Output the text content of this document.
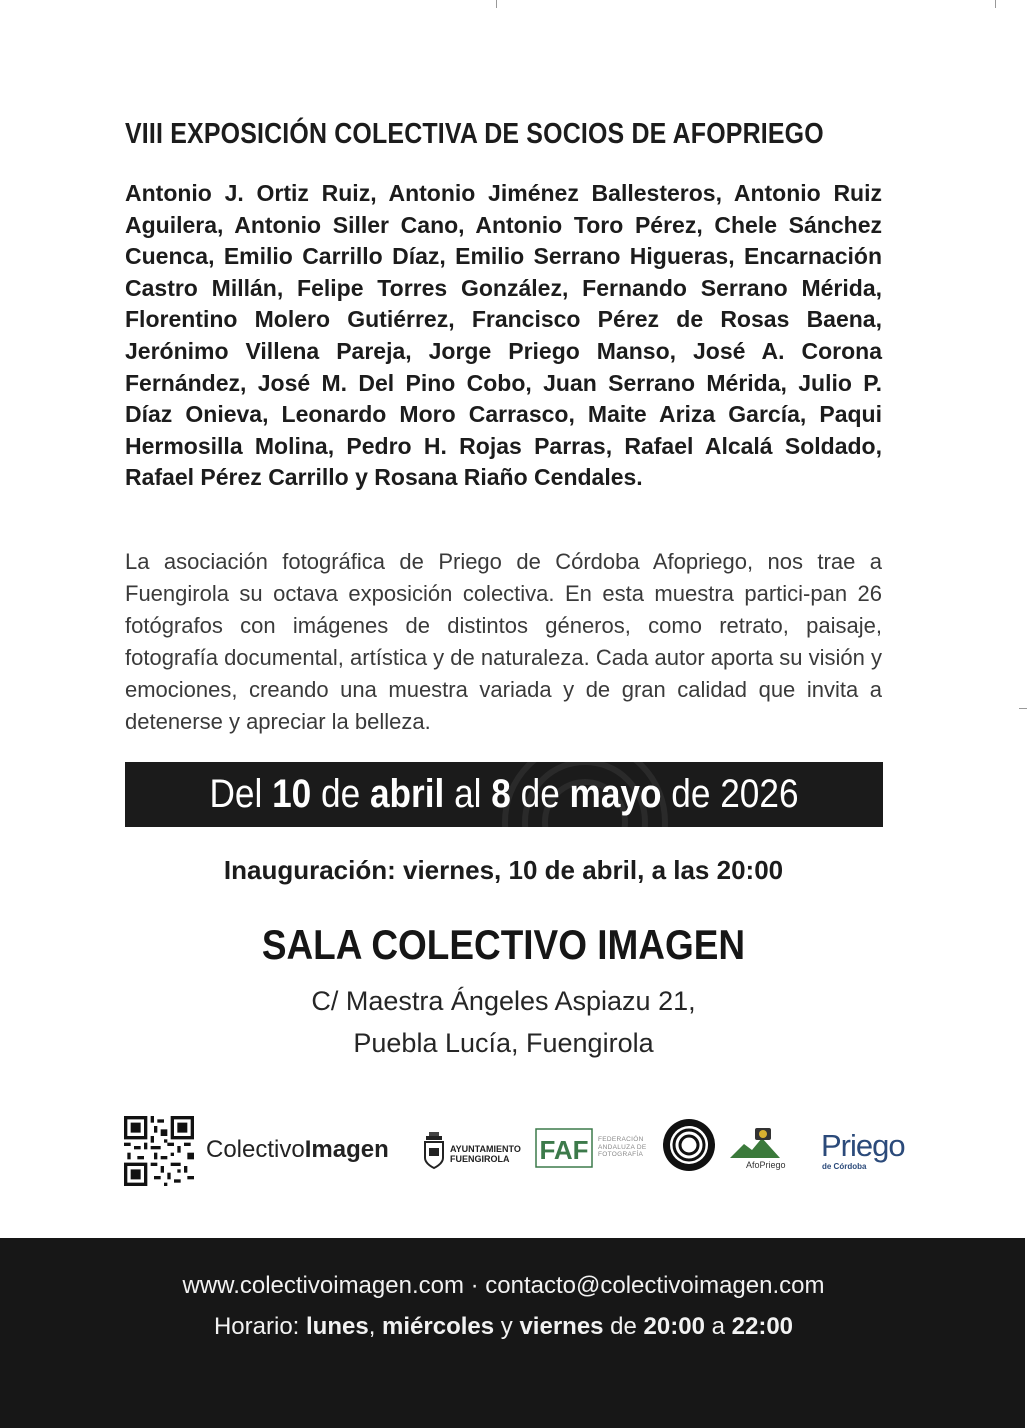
VIII EXPOSICIÓN COLECTIVA DE SOCIOS DE AFOPRIEGO

Antonio J. Ortiz Ruiz, Antonio Jiménez Ballesteros, Antonio Ruiz Aguilera, Antonio Siller Cano, Antonio Toro Pérez, Chele Sánchez Cuenca, Emilio Carrillo Díaz, Emilio Serrano Higueras, Encarnación Castro Millán, Felipe Torres González, Fernando Serrano Mérida, Florentino Molero Gutiérrez, Francisco Pérez de Rosas Baena, Jerónimo Villena Pareja, Jorge Priego Manso, José A. Corona Fernández, José M. Del Pino Cobo, Juan Serrano Mérida, Julio P. Díaz Onieva, Leonardo Moro Carrasco, Maite Ariza García, Paqui Hermosilla Molina, Pedro H. Rojas Parras, Rafael Alcalá Soldado, Rafael Pérez Carrillo y Rosana Riaño Cendales.

La asociación fotográfica de Priego de Córdoba Afopriego, nos trae a Fuengirola su octava exposición colectiva. En esta muestra partici-pan 26 fotógrafos con imágenes de distintos géneros, como retrato, paisaje, fotografía documental, artística y de naturaleza. Cada autor aporta su visión y emociones, creando una muestra variada y de gran calidad que invita a detenerse y apreciar la belleza.

Del 10 de abril al 8 de mayo de 2026
Inauguración: viernes, 10 de abril, a las 20:00
SALA COLECTIVO IMAGEN
C/ Maestra Ángeles Aspiazu 21,
Puebla Lucía, Fuengirola
ColectivoImagen	AYUNTAMIENTO
FUENGIROLA	FAF FEDERACIÓN
ANDALUZA DE
FOTOGRAFÍA
AfoPriego
Priego
de Córdoba
www.colectivoimagen.com · contacto@colectivoimagen.com
Horario: lunes, miércoles y viernes de 20:00 a 22:00
